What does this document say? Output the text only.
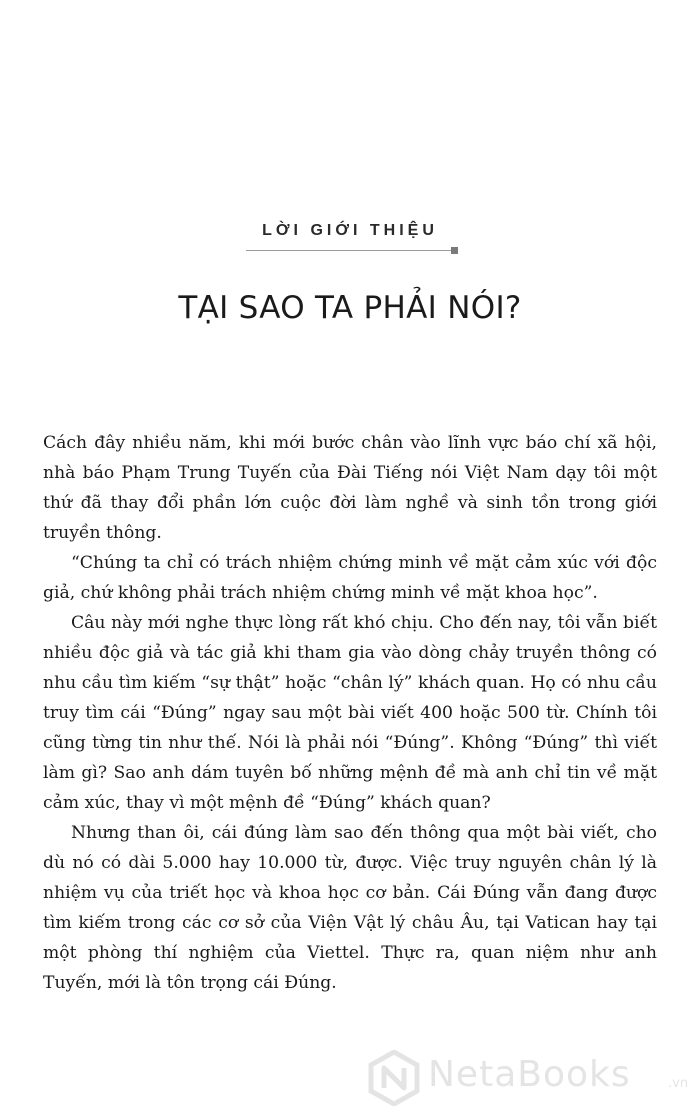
LỜI GIỚI THIỆU
TẠI SAO TA PHẢI NÓI?

Cách đây nhiều năm, khi mới bước chân vào lĩnh vực báo chí xã hội, nhà báo Phạm Trung Tuyến của Đài Tiếng nói Việt Nam dạy tôi một thứ đã thay đổi phần lớn cuộc đời làm nghề và sinh tồn trong giới truyền thông.

“Chúng ta chỉ có trách nhiệm chứng minh về mặt cảm xúc với độc giả, chứ không phải trách nhiệm chứng minh về mặt khoa học”.

Câu này mới nghe thực lòng rất khó chịu. Cho đến nay, tôi vẫn biết nhiều độc giả và tác giả khi tham gia vào dòng chảy truyền thông có nhu cầu tìm kiếm “sự thật” hoặc “chân lý” khách quan. Họ có nhu cầu truy tìm cái “Đúng” ngay sau một bài viết 400 hoặc 500 từ. Chính tôi cũng từng tin như thế. Nói là phải nói “Đúng”. Không “Đúng” thì viết làm gì? Sao anh dám tuyên bố những mệnh đề mà anh chỉ tin về mặt cảm xúc, thay vì một mệnh đề “Đúng” khách quan?

Nhưng than ôi, cái đúng làm sao đến thông qua một bài viết, cho dù nó có dài 5.000 hay 10.000 từ, được. Việc truy nguyên chân lý là nhiệm vụ của triết học và khoa học cơ bản. Cái Đúng vẫn đang được tìm kiếm trong các cơ sở của Viện Vật lý châu Âu, tại Vatican hay tại một phòng thí nghiệm của Viettel. Thực ra, quan niệm như anh Tuyến, mới là tôn trọng cái Đúng.

NetaBooks	.vn
